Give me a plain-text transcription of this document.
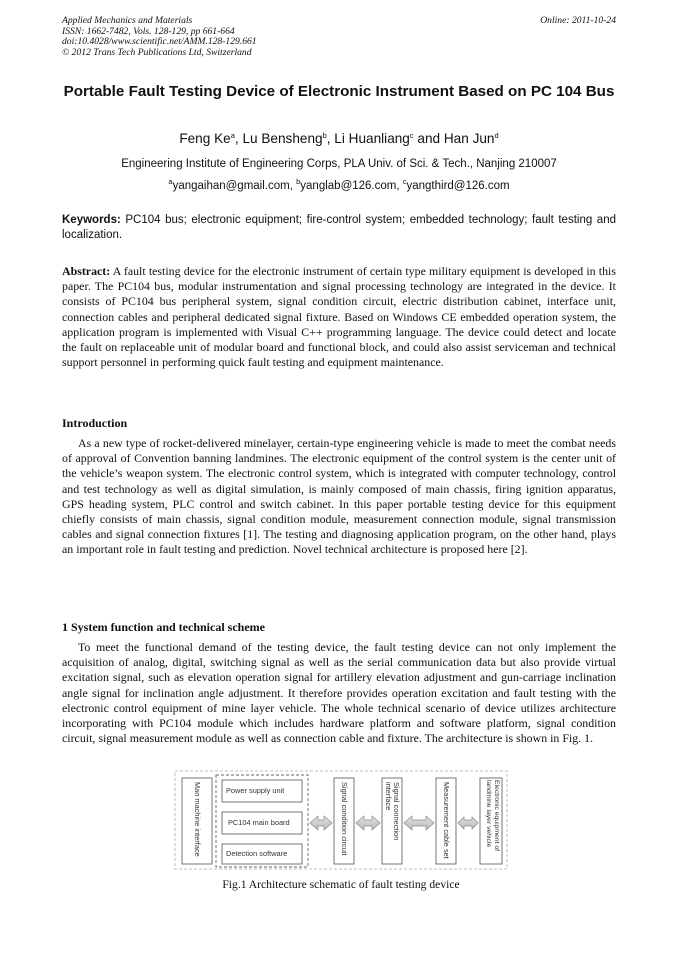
Applied Mechanics and Materials
ISSN: 1662-7482, Vols. 128-129, pp 661-664
doi:10.4028/www.scientific.net/AMM.128-129.661
© 2012 Trans Tech Publications Ltd, Switzerland
Online: 2011-10-24
Portable Fault Testing Device of Electronic Instrument Based on PC 104 Bus
Feng Ke$^a$, Lu Bensheng$^b$, Li Huanliang$^c$ and Han Jun$^d$
Engineering Institute of Engineering Corps, PLA Univ. of Sci. & Tech., Nanjing 210007
$^a$yangaihan@gmail.com, $^b$yanglab@126.com, $^c$yangthird@126.com
Keywords: PC104 bus; electronic equipment; fire-control system; embedded technology; fault testing and localization.
Abstract: A fault testing device for the electronic instrument of certain type military equipment is developed in this paper. The PC104 bus, modular instrumentation and signal processing technology are integrated in the device. It consists of PC104 bus peripheral system, signal condition circuit, electric distribution cabinet, interface unit, connection cables and peripheral dedicated signal fixture. Based on Windows CE embedded operation system, the application program is implemented with Visual C++ programming language. The device could detect and locate the fault on replaceable unit of modular board and functional block, and could also assist serviceman and technical support personnel in performing quick fault testing and equipment maintenance.
Introduction
As a new type of rocket-delivered minelayer, certain-type engineering vehicle is made to meet the combat needs of approval of Convention banning landmines. The electronic equipment of the control system is the center unit of the vehicle’s weapon system. The electronic control system, which is integrated with computer technology, control and test technology as well as digital simulation, is mainly composed of main chassis, firing ignition apparatus, GPS heading system, PLC control and switch cabinet. In this paper portable testing device for this equipment chiefly consists of main chassis, signal condition module, measurement connection module, signal transmission cables and signal connection fixtures [1]. The testing and diagnosing application program, on the other hand, plays an important role in fault testing and prediction. Novel technical architecture is proposed here [2].
1 System function and technical scheme
To meet the functional demand of the testing device, the fault testing device can not only implement the acquisition of analog, digital, switching signal as well as the serial communication data but also provide virtual excitation signal, such as elevation operation signal for artillery elevation adjustment and gun-carriage inclination angle signal for inclination angle adjustment. It therefore provides operation excitation and fault testing with the electronic control equipment of mine layer vehicle. The whole technical scenario of device utilizes architecture incorporating with PC104 module which includes hardware platform and software platform, signal condition circuit, signal measurement module as well as connection cable and fixture. The architecture is shown in Fig. 1.
Man machine interface	Power supply unit
PC104 main board
Detection software	Signal condition circuit	Signal connection interface	Measurement cable set	Electronic equipment of landmine layer vehicle
Fig.1 Architecture schematic of fault testing device
